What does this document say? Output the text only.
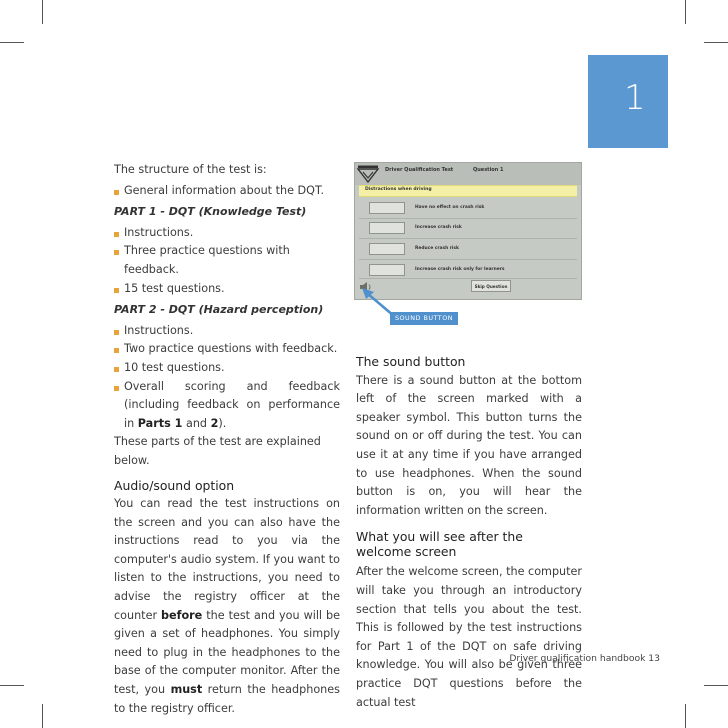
1

The structure of the test is:

General information about the DQT.

PART 1 - DQT (Knowledge Test)

Instructions.

Three practice questions with feedback.

15 test questions.

PART 2 - DQT (Hazard perception)

Instructions.

Two practice questions with feedback.

10 test questions.

Overall scoring and feedback (including feedback on performance in Parts 1 and 2).

These parts of the test are explained below.

Audio/sound option

You can read the test instructions on the screen and you can also have the instructions read to you via the computer's audio system. If you want to listen to the instructions, you need to advise the registry officer at the counter before the test and you will be given a set of headphones. You simply need to plug in the headphones to the base of the computer monitor. After the test, you must return the headphones to the registry officer.

Driver Qualification Test	Question 1
Distractions when driving
Have no effect on crash risk
Increase crash risk
Reduce crash risk
Increase crash risk only for learners
Skip Question
SOUND BUTTON

The sound button

There is a sound button at the bottom left of the screen marked with a speaker symbol. This button turns the sound on or off during the test. You can use it at any time if you have arranged to use headphones. When the sound button is on, you will hear the information written on the screen.

What you will see after the welcome screen

After the welcome screen, the computer will take you through an introductory section that tells you about the test. This is followed by the test instructions for Part 1 of the DQT on safe driving knowledge. You will also be given three practice DQT questions before the actual test

Driver qualification handbook 13
